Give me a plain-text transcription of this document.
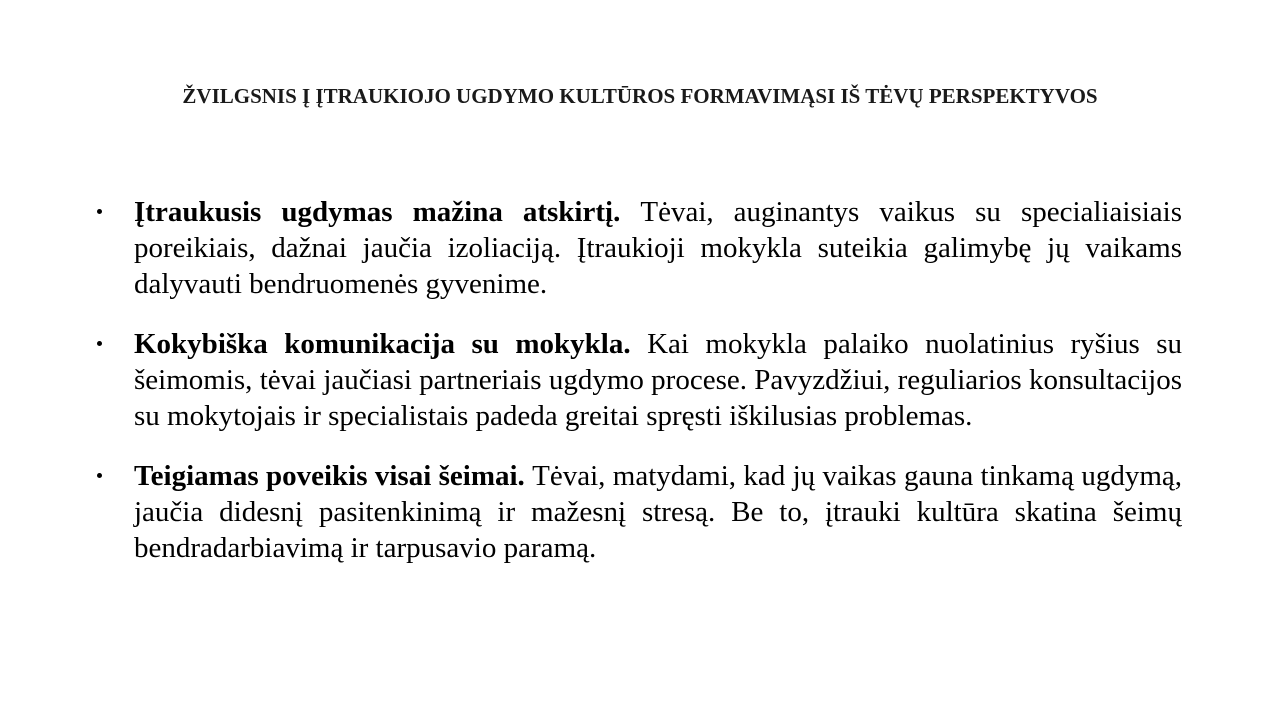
ŽVILGSNIS Į ĮTRAUKIOJO UGDYMO KULTŪROS FORMAVIMĄSI IŠ TĖVŲ PERSPEKTYVOS
Įtraukusis ugdymas mažina atskirtį. Tėvai, auginantys vaikus su specialiaisiais poreikiais, dažnai jaučia izoliaciją. Įtraukioji mokykla suteikia galimybę jų vaikams dalyvauti bendruomenės gyvenime.
Kokybiška komunikacija su mokykla. Kai mokykla palaiko nuolatinius ryšius su šeimomis, tėvai jaučiasi partneriais ugdymo procese. Pavyzdžiui, reguliarios konsultacijos su mokytojais ir specialistais padeda greitai spręsti iškilusias problemas.
Teigiamas poveikis visai šeimai. Tėvai, matydami, kad jų vaikas gauna tinkamą ugdymą, jaučia didesnį pasitenkinimą ir mažesnį stresą. Be to, įtrauki kultūra skatina šeimų bendradarbiavimą ir tarpusavio paramą.
